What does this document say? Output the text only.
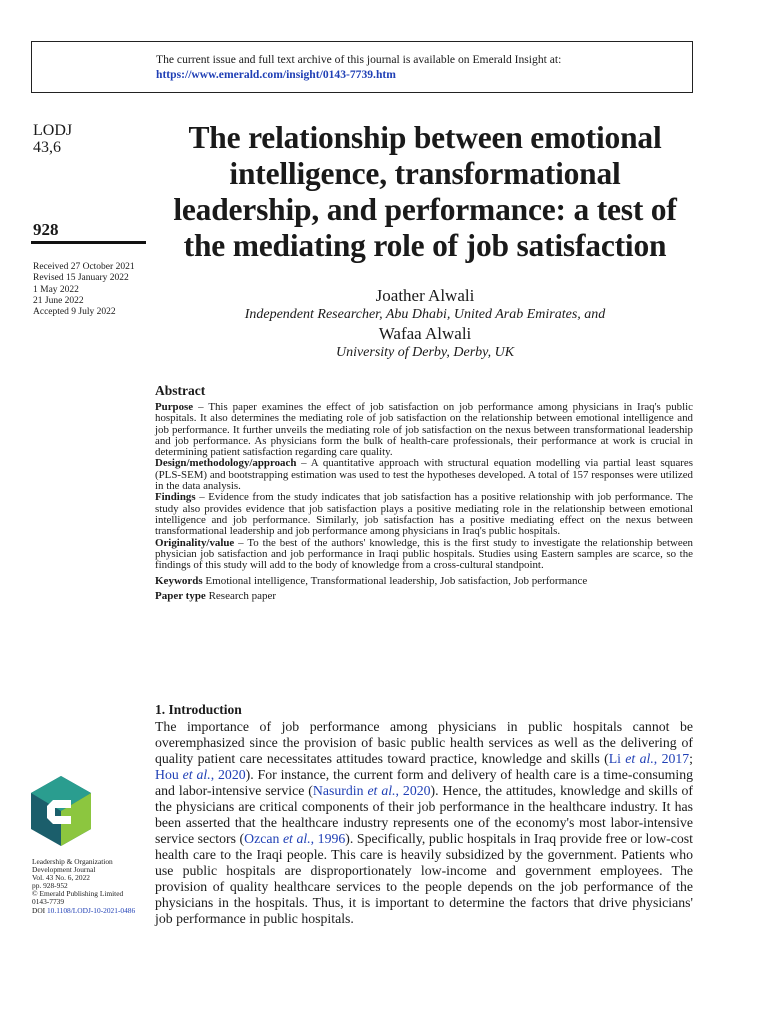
The current issue and full text archive of this journal is available on Emerald Insight at:
https://www.emerald.com/insight/0143-7739.htm
LODJ
43,6
928
Received 27 October 2021
Revised 15 January 2022
1 May 2022
21 June 2022
Accepted 9 July 2022
The relationship between emotional intelligence, transformational leadership, and performance: a test of the mediating role of job satisfaction
Joather Alwali
Independent Researcher, Abu Dhabi, United Arab Emirates, and
Wafaa Alwali
University of Derby, Derby, UK
Abstract

Purpose – This paper examines the effect of job satisfaction on job performance among physicians in Iraq's public hospitals. It also determines the mediating role of job satisfaction on the relationship between emotional intelligence and job performance. It further unveils the mediating role of job satisfaction on the nexus between transformational leadership and job performance. As physicians form the bulk of health-care professionals, their performance at work is crucial in determining patient satisfaction regarding care quality.

Design/methodology/approach – A quantitative approach with structural equation modelling via partial least squares (PLS-SEM) and bootstrapping estimation was used to test the hypotheses developed. A total of 157 responses were utilized in the data analysis.

Findings – Evidence from the study indicates that job satisfaction has a positive relationship with job performance. The study also provides evidence that job satisfaction plays a positive mediating role in the relationship between emotional intelligence and job performance. Similarly, job satisfaction has a positive mediating effect on the nexus between transformational leadership and job performance among physicians in Iraq's public hospitals.

Originality/value – To the best of the authors' knowledge, this is the first study to investigate the relationship between physician job satisfaction and job performance in Iraqi public hospitals. Studies using Eastern samples are scarce, so the findings of this study will add to the body of knowledge from a cross-cultural standpoint.

Keywords Emotional intelligence, Transformational leadership, Job satisfaction, Job performance

Paper type Research paper

1. Introduction

The importance of job performance among physicians in public hospitals cannot be overemphasized since the provision of basic public health services as well as the delivering of quality patient care necessitates attitudes toward practice, knowledge and skills (Li et al., 2017; Hou et al., 2020). For instance, the current form and delivery of health care is a time-consuming and labor-intensive service (Nasurdin et al., 2020). Hence, the attitudes, knowledge and skills of the physicians are critical components of their job performance in the healthcare industry. It has been asserted that the healthcare industry represents one of the economy's most labor-intensive service sectors (Ozcan et al., 1996). Specifically, public hospitals in Iraq provide free or low-cost health care to the Iraqi people. This care is heavily subsidized by the government. Patients who use public hospitals are disproportionately low-income and government employees. The provision of quality healthcare services to the people depends on the job performance of the physicians in the hospitals. Thus, it is important to determine the factors that drive physicians' job performance in public hospitals.

Leadership & Organization
Development Journal
Vol. 43 No. 6, 2022
pp. 928-952
© Emerald Publishing Limited
0143-7739
DOI 10.1108/LODJ-10-2021-0486
